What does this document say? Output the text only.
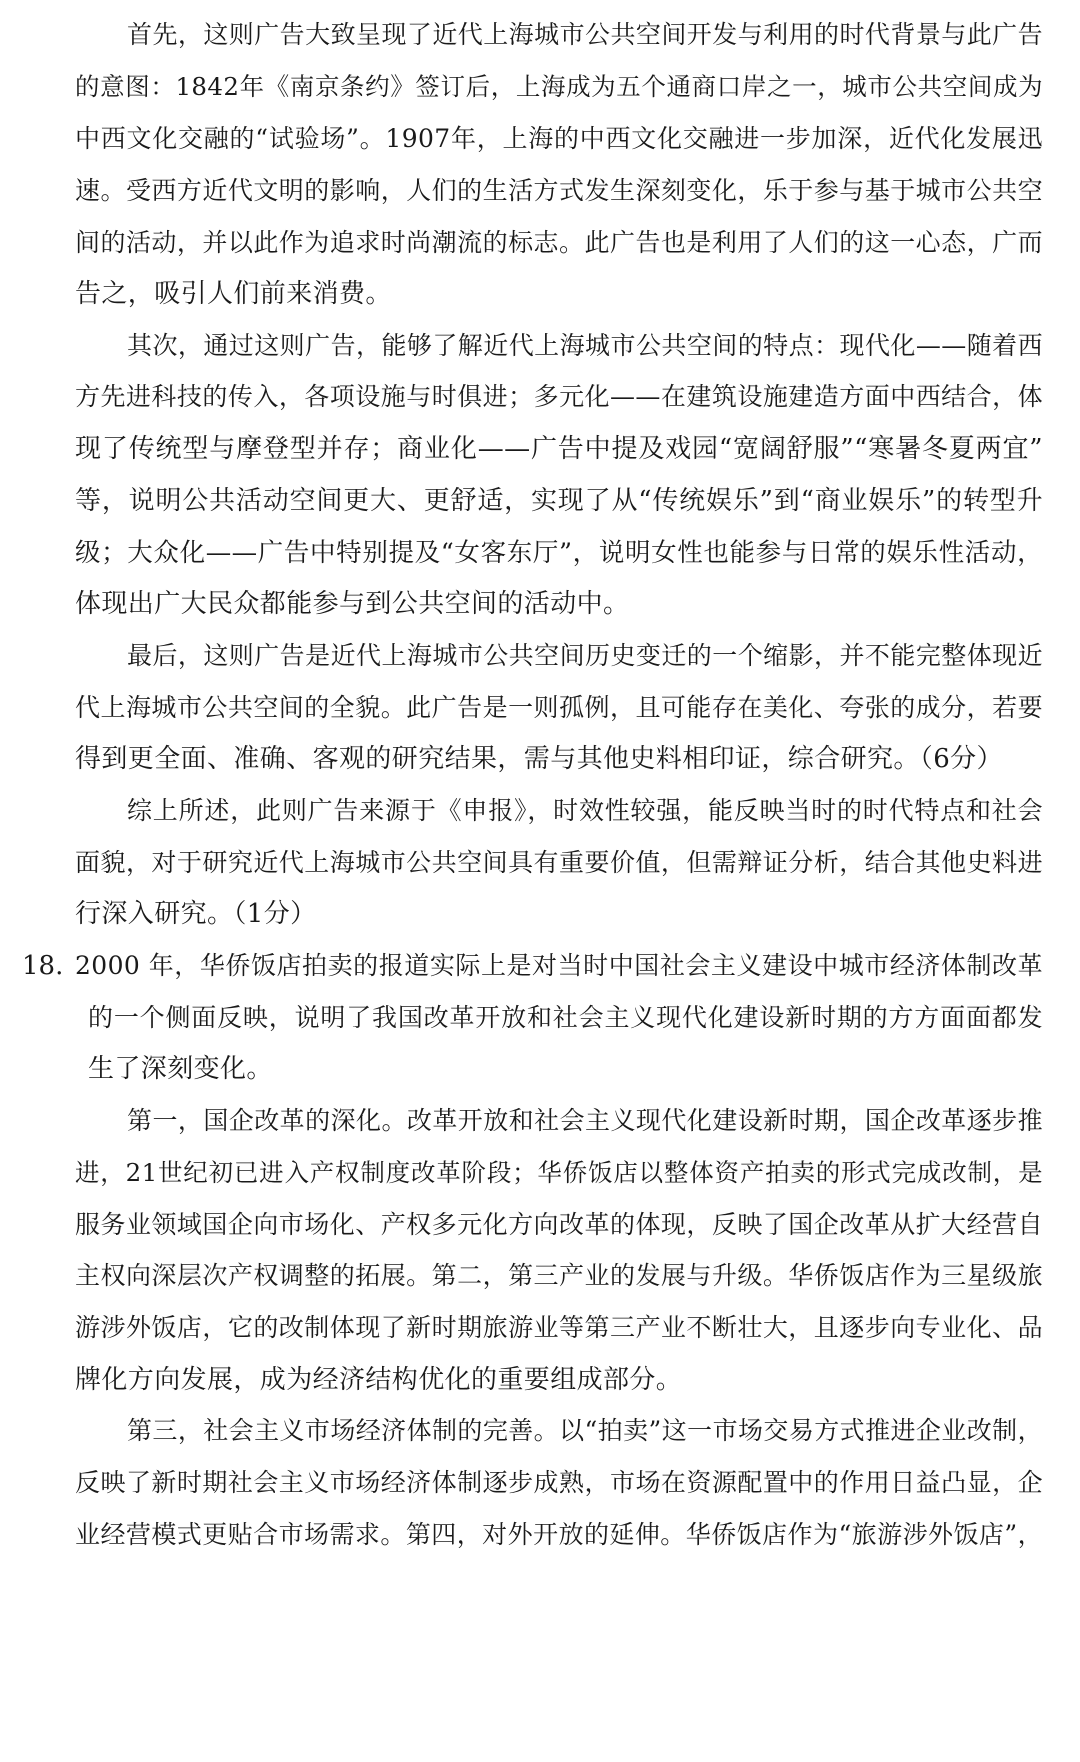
首先，这则广告大致呈现了近代上海城市公共空间开发与利用的时代背景与此广告
的意图：1842年《南京条约》签订后，上海成为五个通商口岸之一，城市公共空间成为
中西文化交融的“试验场”。1907年，上海的中西文化交融进一步加深，近代化发展迅
速。受西方近代文明的影响，人们的生活方式发生深刻变化，乐于参与基于城市公共空
间的活动，并以此作为追求时尚潮流的标志。此广告也是利用了人们的这一心态，广而
告之，吸引人们前来消费。
其次，通过这则广告，能够了解近代上海城市公共空间的特点：现代化——随着西
方先进科技的传入，各项设施与时俱进；多元化——在建筑设施建造方面中西结合，体
现了传统型与摩登型并存；商业化——广告中提及戏园“宽阔舒服”“寒暑冬夏两宜”
等，说明公共活动空间更大、更舒适，实现了从“传统娱乐”到“商业娱乐”的转型升
级；大众化——广告中特别提及“女客东厅”，说明女性也能参与日常的娱乐性活动，
体现出广大民众都能参与到公共空间的活动中。
最后，这则广告是近代上海城市公共空间历史变迁的一个缩影，并不能完整体现近
代上海城市公共空间的全貌。此广告是一则孤例，且可能存在美化、夸张的成分，若要
得到更全面、准确、客观的研究结果，需与其他史料相印证，综合研究。（6分）
综上所述，此则广告来源于《申报》，时效性较强，能反映当时的时代特点和社会
面貌，对于研究近代上海城市公共空间具有重要价值，但需辩证分析，结合其他史料进
行深入研究。（1分）
18. 2000 年，华侨饭店拍卖的报道实际上是对当时中国社会主义建设中城市经济体制改革
的一个侧面反映，说明了我国改革开放和社会主义现代化建设新时期的方方面面都发
生了深刻变化。
第一，国企改革的深化。改革开放和社会主义现代化建设新时期，国企改革逐步推
进，21世纪初已进入产权制度改革阶段；华侨饭店以整体资产拍卖的形式完成改制，是
服务业领域国企向市场化、产权多元化方向改革的体现，反映了国企改革从扩大经营自
主权向深层次产权调整的拓展。第二，第三产业的发展与升级。华侨饭店作为三星级旅
游涉外饭店，它的改制体现了新时期旅游业等第三产业不断壮大，且逐步向专业化、品
牌化方向发展，成为经济结构优化的重要组成部分。
第三，社会主义市场经济体制的完善。以“拍卖”这一市场交易方式推进企业改制，
反映了新时期社会主义市场经济体制逐步成熟，市场在资源配置中的作用日益凸显，企
业经营模式更贴合市场需求。第四，对外开放的延伸。华侨饭店作为“旅游涉外饭店”，
